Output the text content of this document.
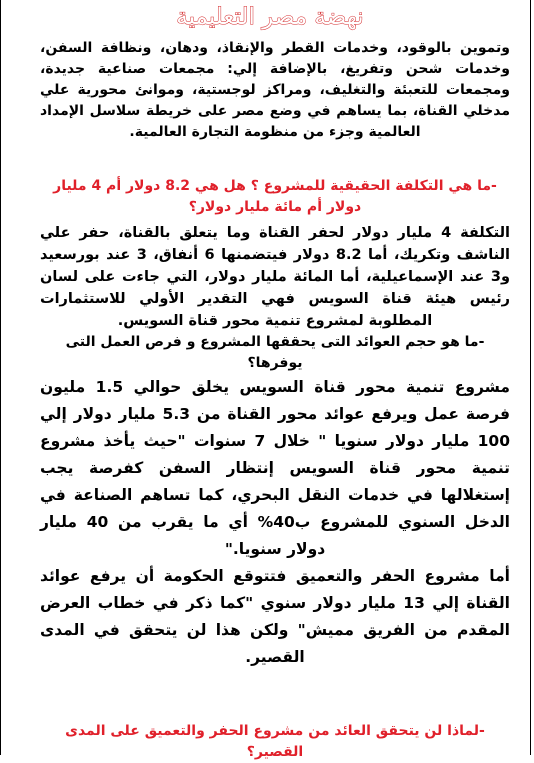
نهضة مصر التعليمية

وتموين بالوقود، وخدمات القطر والإنقاذ، ودهان، ونظافة السفن، وخدمات شحن وتفريغ، بالإضافة إلي: مجمعات صناعية جديدة، ومجمعات للتعبئة والتغليف، ومراكز لوجستية، وموانئ محورية علي مدخلي القناة، بما يساهم في وضع مصر على خريطة سلاسل الإمداد العالمية وجزء من منظومة التجارة العالمية.

-ما هي التكلفة الحقيقية للمشروع ؟ هل هي 8.2 دولار أم 4 مليار دولار أم مائة مليار دولار؟

التكلفة 4 مليار دولار لحفر القناة وما يتعلق بالقناة، حفر علي الناشف وتكريك، أما 8.2 دولار فيتضمنها 6 أنفاق، 3 عند بورسعيد و3 عند الإسماعيلية، أما المائة مليار دولار، التي جاءت على لسان رئيس هيئة قناة السويس فهي التقدير الأولي للاستثمارات المطلوبة لمشروع تنمية محور قناة السويس.

-ما هو حجم العوائد التى يحققها المشروع و فرص العمل التى يوفرها؟

مشروع تنمية محور قناة السويس يخلق حوالي 1.5 مليون فرصة عمل ويرفع عوائد محور القناة من 5.3 مليار دولار إلي 100 مليار دولار سنويا " خلال 7 سنوات "حيث يأخذ مشروع تنمية محور قناة السويس إنتظار السفن كفرصة يجب إستغلالها في خدمات النقل البحري، كما تساهم الصناعة في الدخل السنوي للمشروع ب40% أي ما يقرب من 40 مليار دولار سنويا."

أما مشروع الحفر والتعميق فتتوقع الحكومة أن يرفع عوائد القناة إلي 13 مليار دولار سنوي "كما ذكر في خطاب العرض المقدم من الفريق مميش" ولكن هذا لن يتحقق في المدى القصير.

-لماذا لن يتحقق العائد من مشروع الحفر والتعميق على المدى القصير؟
